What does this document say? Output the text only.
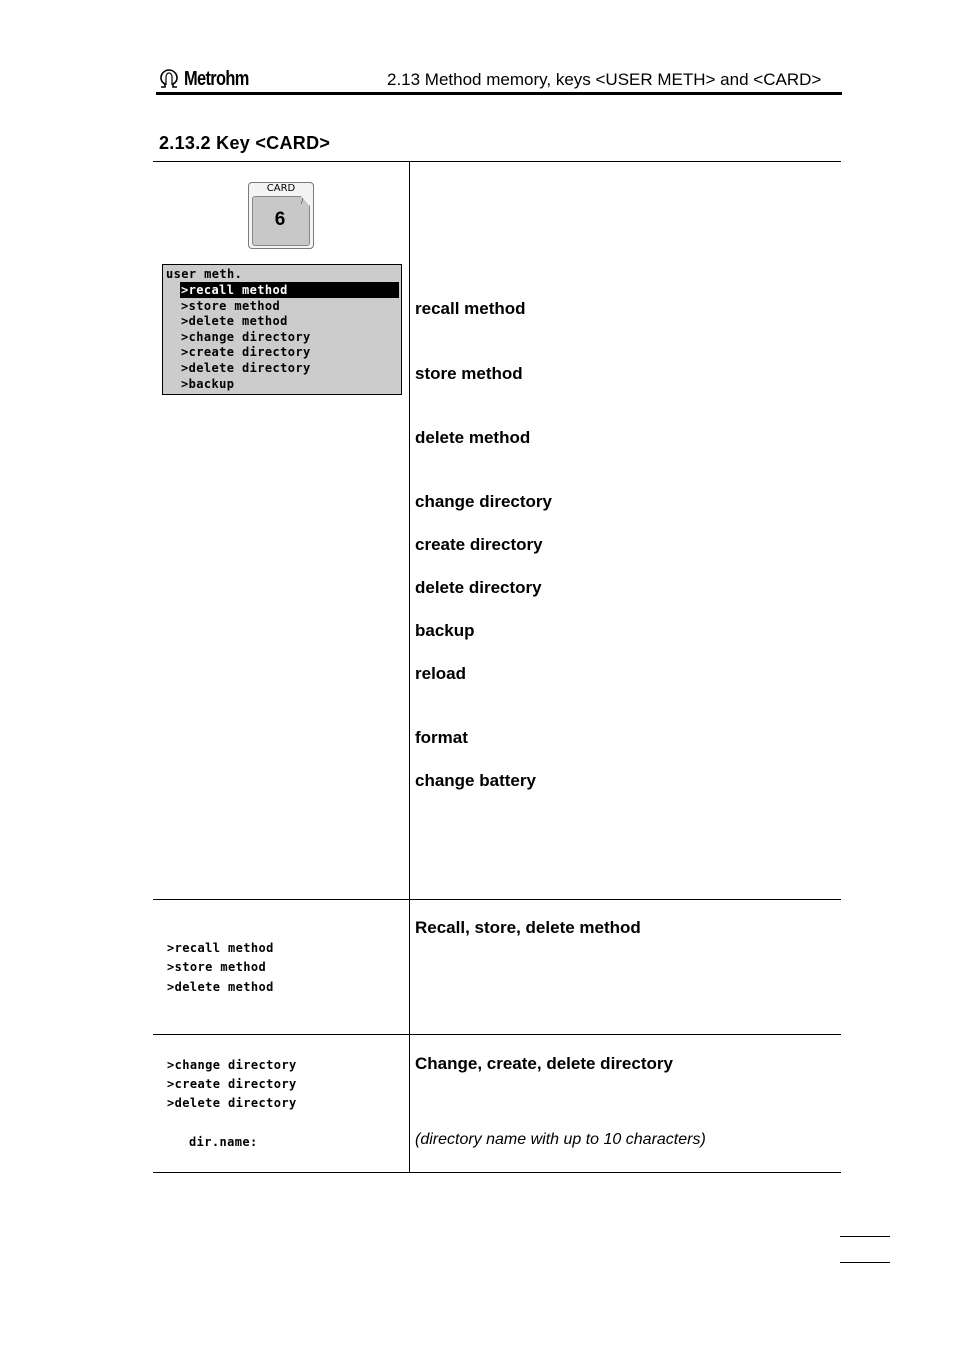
Metrohm	2.13 Method memory, keys <USER METH> and <CARD>
2.13.2 Key <CARD>
CARD
/
6
user meth.
>recall method
>store method
>delete method
>change directory
>create directory
>delete directory
>backup
recall method
store method
delete method
change directory
create directory
delete directory
backup
reload
format
change battery
Recall, store, delete method
>recall method
>store method
>delete method
Change, create, delete directory
>change directory
>create directory
>delete directory
dir.name:	(directory name with up to 10 characters)
